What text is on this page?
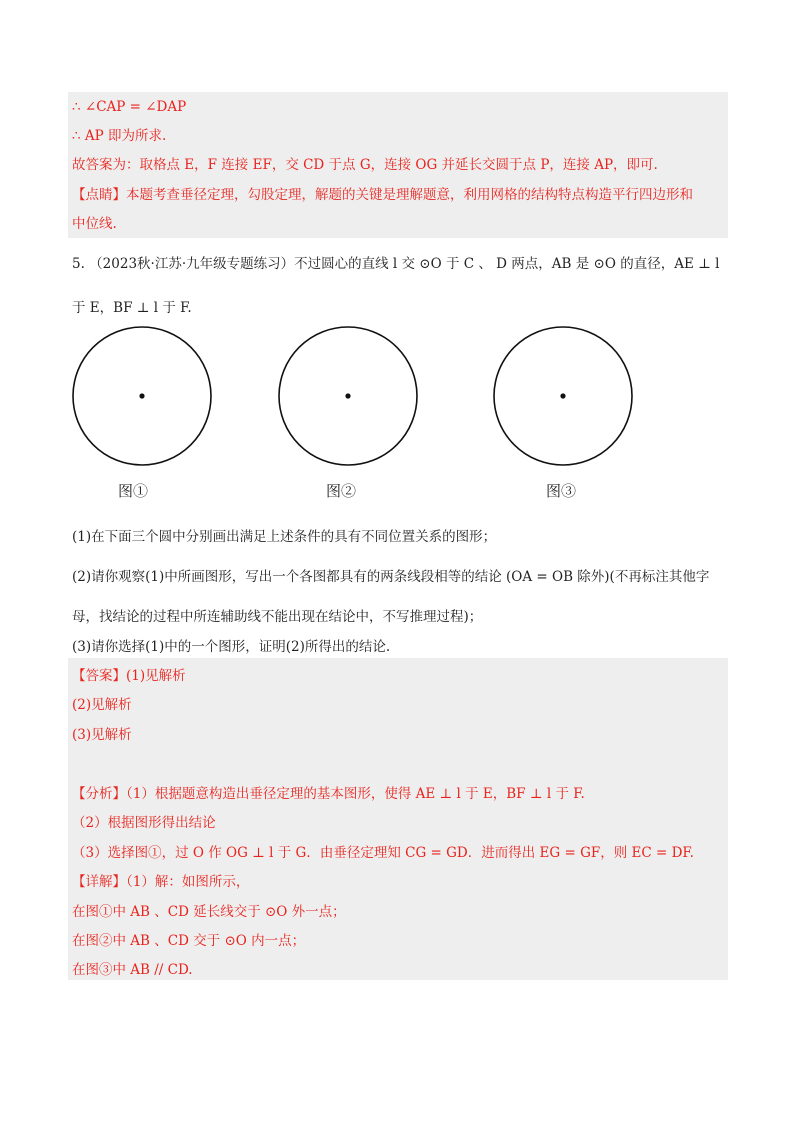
∴ ∠CAP = ∠DAP
∴ AP 即为所求.
故答案为：取格点 E，F 连接 EF，交 CD 于点 G，连接 OG 并延长交圆于点 P，连接 AP，即可.
【点睛】本题考查垂径定理，勾股定理，解题的关键是理解题意，利用网格的结构特点构造平行四边形和
中位线.
5. （2023秋·江苏·九年级专题练习）不过圆心的直线 l 交 ⊙O 于 C 、 D 两点，AB 是 ⊙O 的直径，AE ⊥ l
于 E，BF ⊥ l 于 F.
图①	图②	图③
(1)在下面三个圆中分别画出满足上述条件的具有不同位置关系的图形；
(2)请你观察(1)中所画图形，写出一个各图都具有的两条线段相等的结论 (OA = OB 除外)(不再标注其他字
母，找结论的过程中所连辅助线不能出现在结论中，不写推理过程)；
(3)请你选择(1)中的一个图形，证明(2)所得出的结论.
【答案】(1)见解析
(2)见解析
(3)见解析
【分析】（1）根据题意构造出垂径定理的基本图形，使得 AE ⊥ l 于 E，BF ⊥ l 于 F.
（2）根据图形得出结论
（3）选择图①，过 O 作 OG ⊥ l 于 G．由垂径定理知 CG = GD．进而得出 EG = GF，则 EC = DF.
【详解】（1）解：如图所示，
在图①中 AB 、CD 延长线交于 ⊙O 外一点；
在图②中 AB 、CD 交于 ⊙O 内一点；
在图③中 AB // CD.
